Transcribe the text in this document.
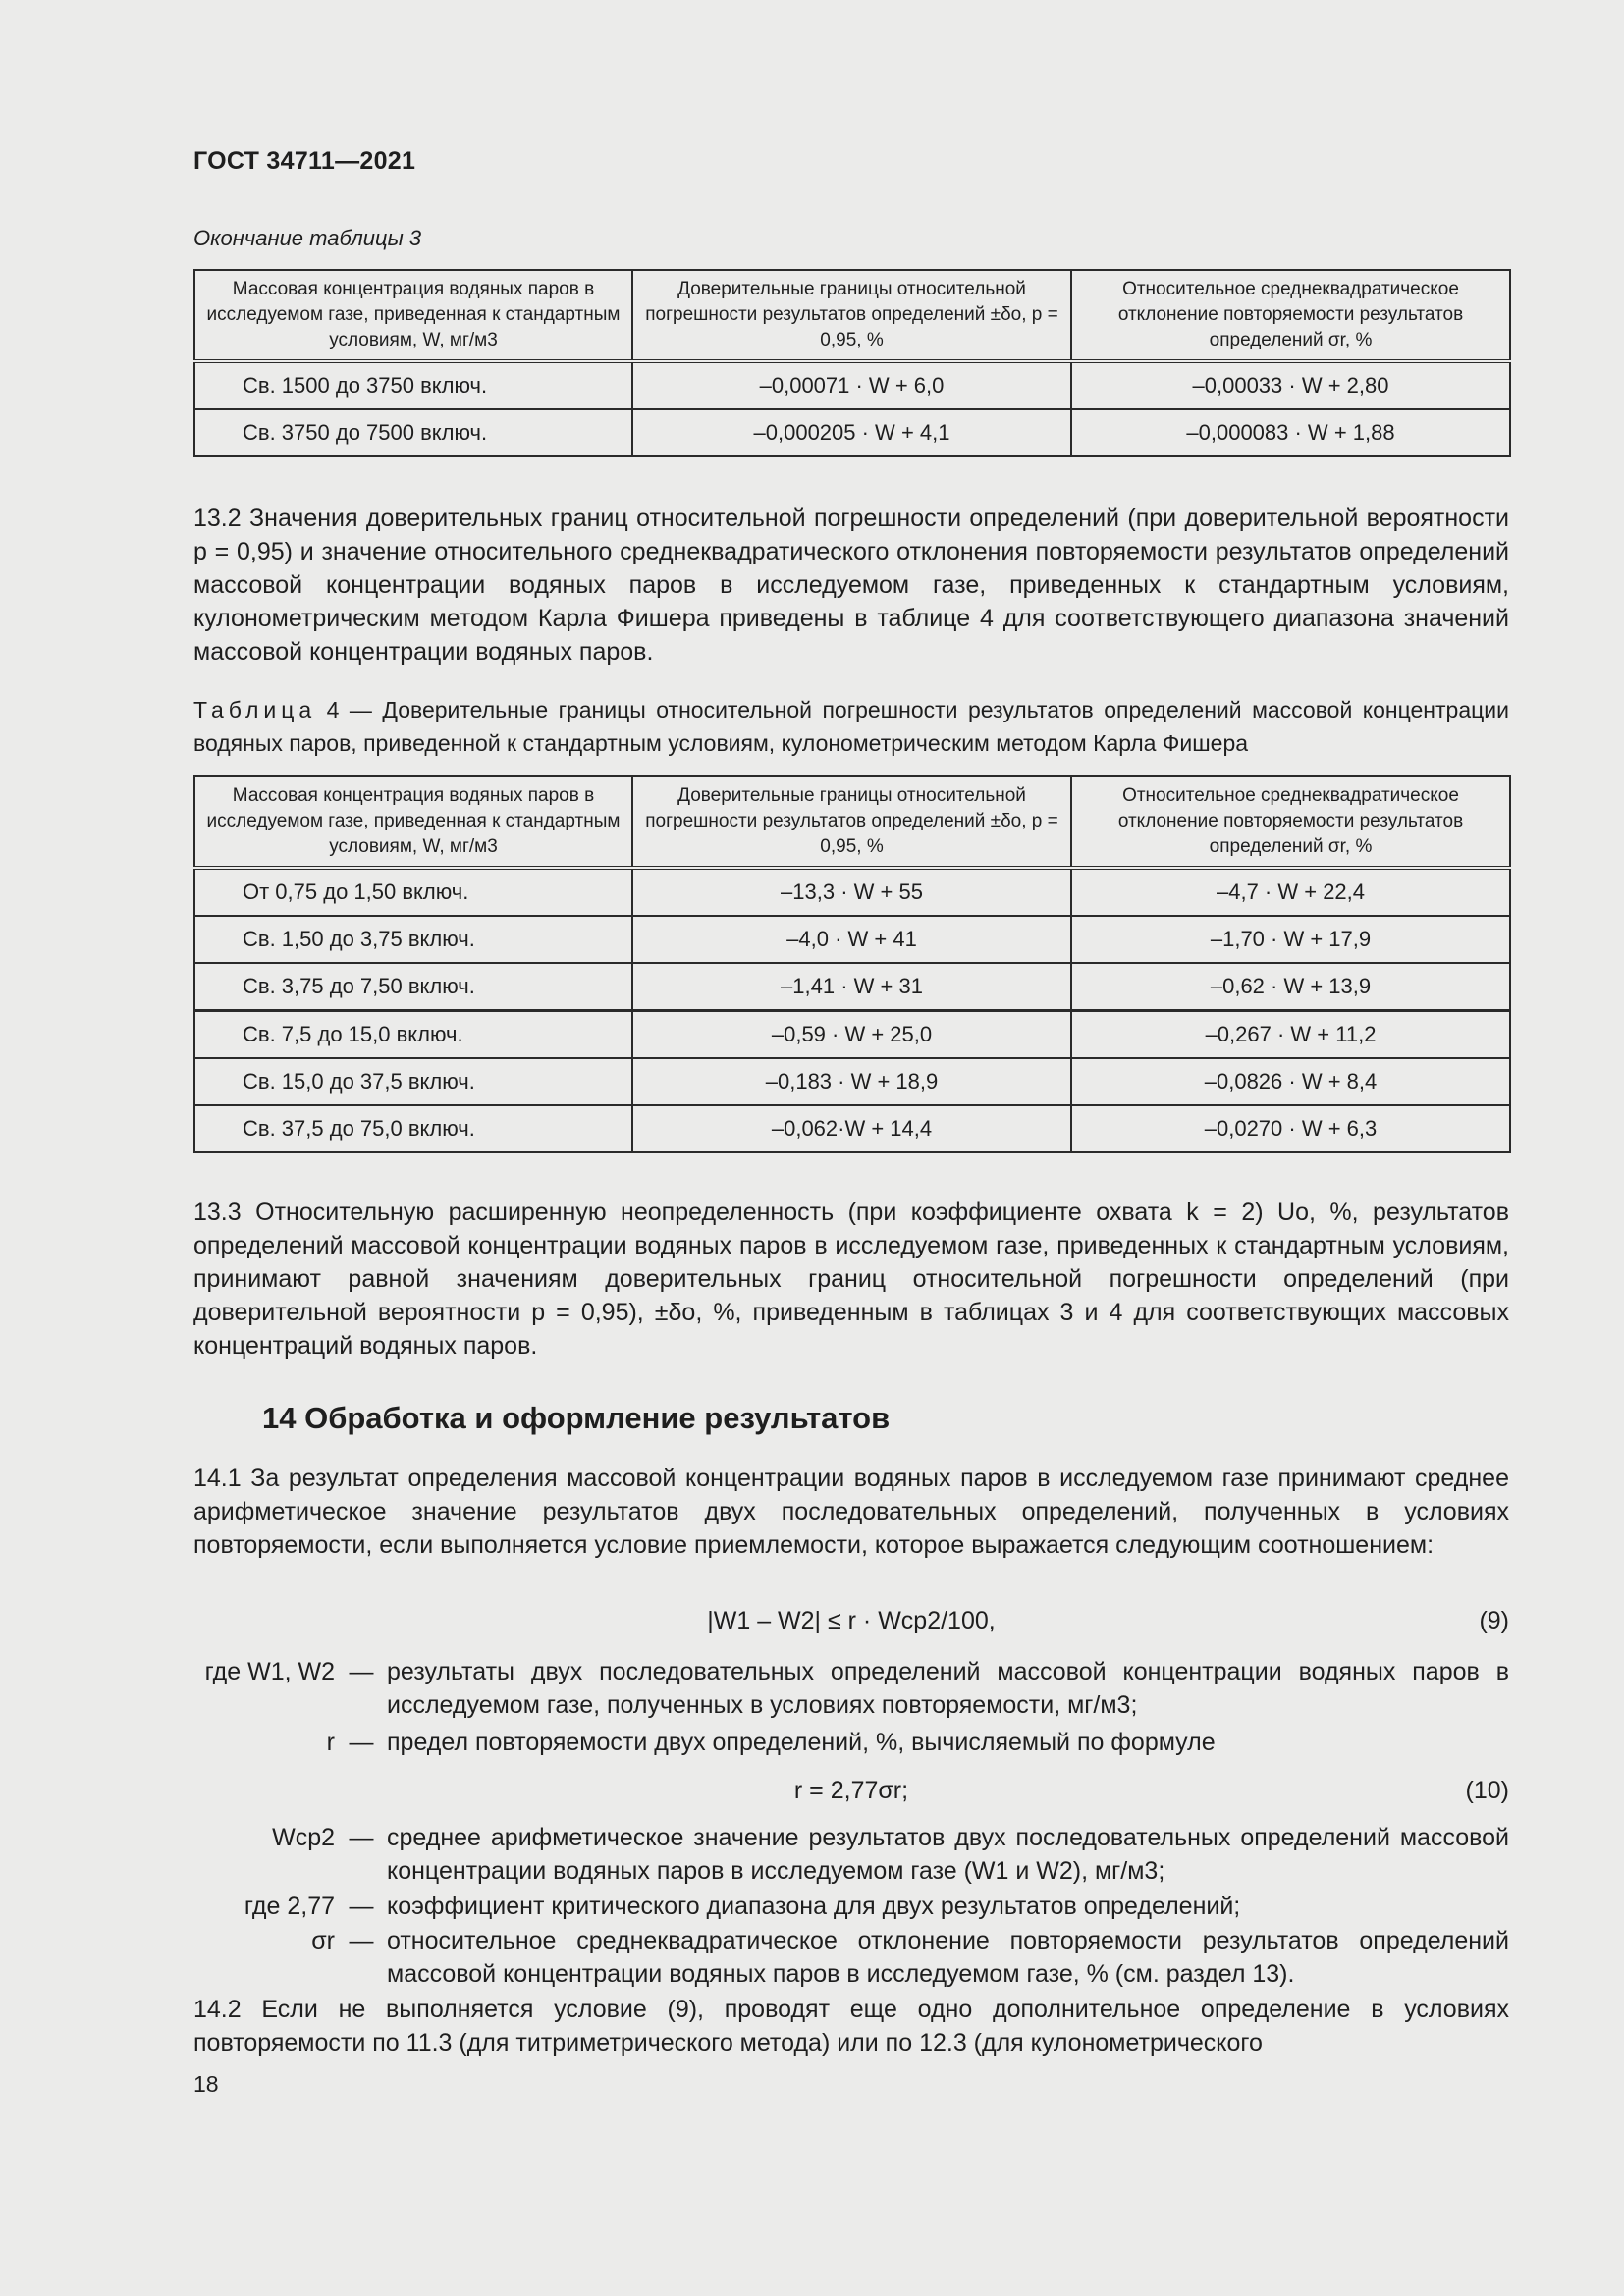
ГОСТ 34711—2021
Окончание таблицы 3
Массовая концентрация водяных паров в исследуемом газе, приведенная к стандартным условиям, W, мг/м3	Доверительные границы относительной погрешности результатов определений ±δо, p = 0,95, %	Относительное среднеквадратическое отклонение повторяемости результатов определений σr, %
Св. 1500 до 3750 включ.	–0,00071 · W + 6,0	–0,00033 · W + 2,80
Св. 3750 до 7500 включ.	–0,000205 · W + 4,1	–0,000083 · W + 1,88

13.2 Значения доверительных границ относительной погрешности определений (при доверительной вероятности p = 0,95) и значение относительного среднеквадратического отклонения повторяемости результатов определений массовой концентрации водяных паров в исследуемом газе, приведенных к стандартным условиям, кулонометрическим методом Карла Фишера приведены в таблице 4 для соответствующего диапазона значений массовой концентрации водяных паров.

Таблица 4 — Доверительные границы относительной погрешности результатов определений массовой концентрации водяных паров, приведенной к стандартным условиям, кулонометрическим методом Карла Фишера

Массовая концентрация водяных паров в исследуемом газе, приведенная к стандартным условиям, W, мг/м3	Доверительные границы относительной погрешности результатов определений ±δо, p = 0,95, %	Относительное среднеквадратическое отклонение повторяемости результатов определений σr, %
От 0,75 до 1,50 включ.	–13,3 · W + 55	–4,7 · W + 22,4
Св. 1,50 до 3,75 включ.	–4,0 · W + 41	–1,70 · W + 17,9
Св. 3,75 до 7,50 включ.	–1,41 · W + 31	–0,62 · W + 13,9
Св. 7,5 до 15,0 включ.	–0,59 · W + 25,0	–0,267 · W + 11,2
Св. 15,0 до 37,5 включ.	–0,183 · W + 18,9	–0,0826 · W + 8,4
Св. 37,5 до 75,0 включ.	–0,062·W + 14,4	–0,0270 · W + 6,3

13.3 Относительную расширенную неопределенность (при коэффициенте охвата k = 2) Uо, %, результатов определений массовой концентрации водяных паров в исследуемом газе, приведенных к стандартным условиям, принимают равной значениям доверительных границ относительной погрешности определений (при доверительной вероятности p = 0,95), ±δо, %, приведенным в таблицах 3 и 4 для соответствующих массовых концентраций водяных паров.

14 Обработка и оформление результатов

14.1 За результат определения массовой концентрации водяных паров в исследуемом газе принимают среднее арифметическое значение результатов двух последовательных определений, полученных в условиях повторяемости, если выполняется условие приемлемости, которое выражается следующим соотношением:

|W1 – W2| ≤ r · Wср2/100,	(9)
где W1, W2 — результаты двух последовательных определений массовой концентрации водяных паров в исследуемом газе, полученных в условиях повторяемости, мг/м3;
r — предел повторяемости двух определений, %, вычисляемый по формуле
r = 2,77σr;	(10)
Wср2 — среднее арифметическое значение результатов двух последовательных определений массовой концентрации водяных паров в исследуемом газе (W1 и W2), мг/м3;
где 2,77 — коэффициент критического диапазона для двух результатов определений;
σr — относительное среднеквадратическое отклонение повторяемости результатов определений массовой концентрации водяных паров в исследуемом газе, % (см. раздел 13).

14.2 Если не выполняется условие (9), проводят еще одно дополнительное определение в условиях повторяемости по 11.3 (для титриметрического метода) или по 12.3 (для кулонометрического

18
